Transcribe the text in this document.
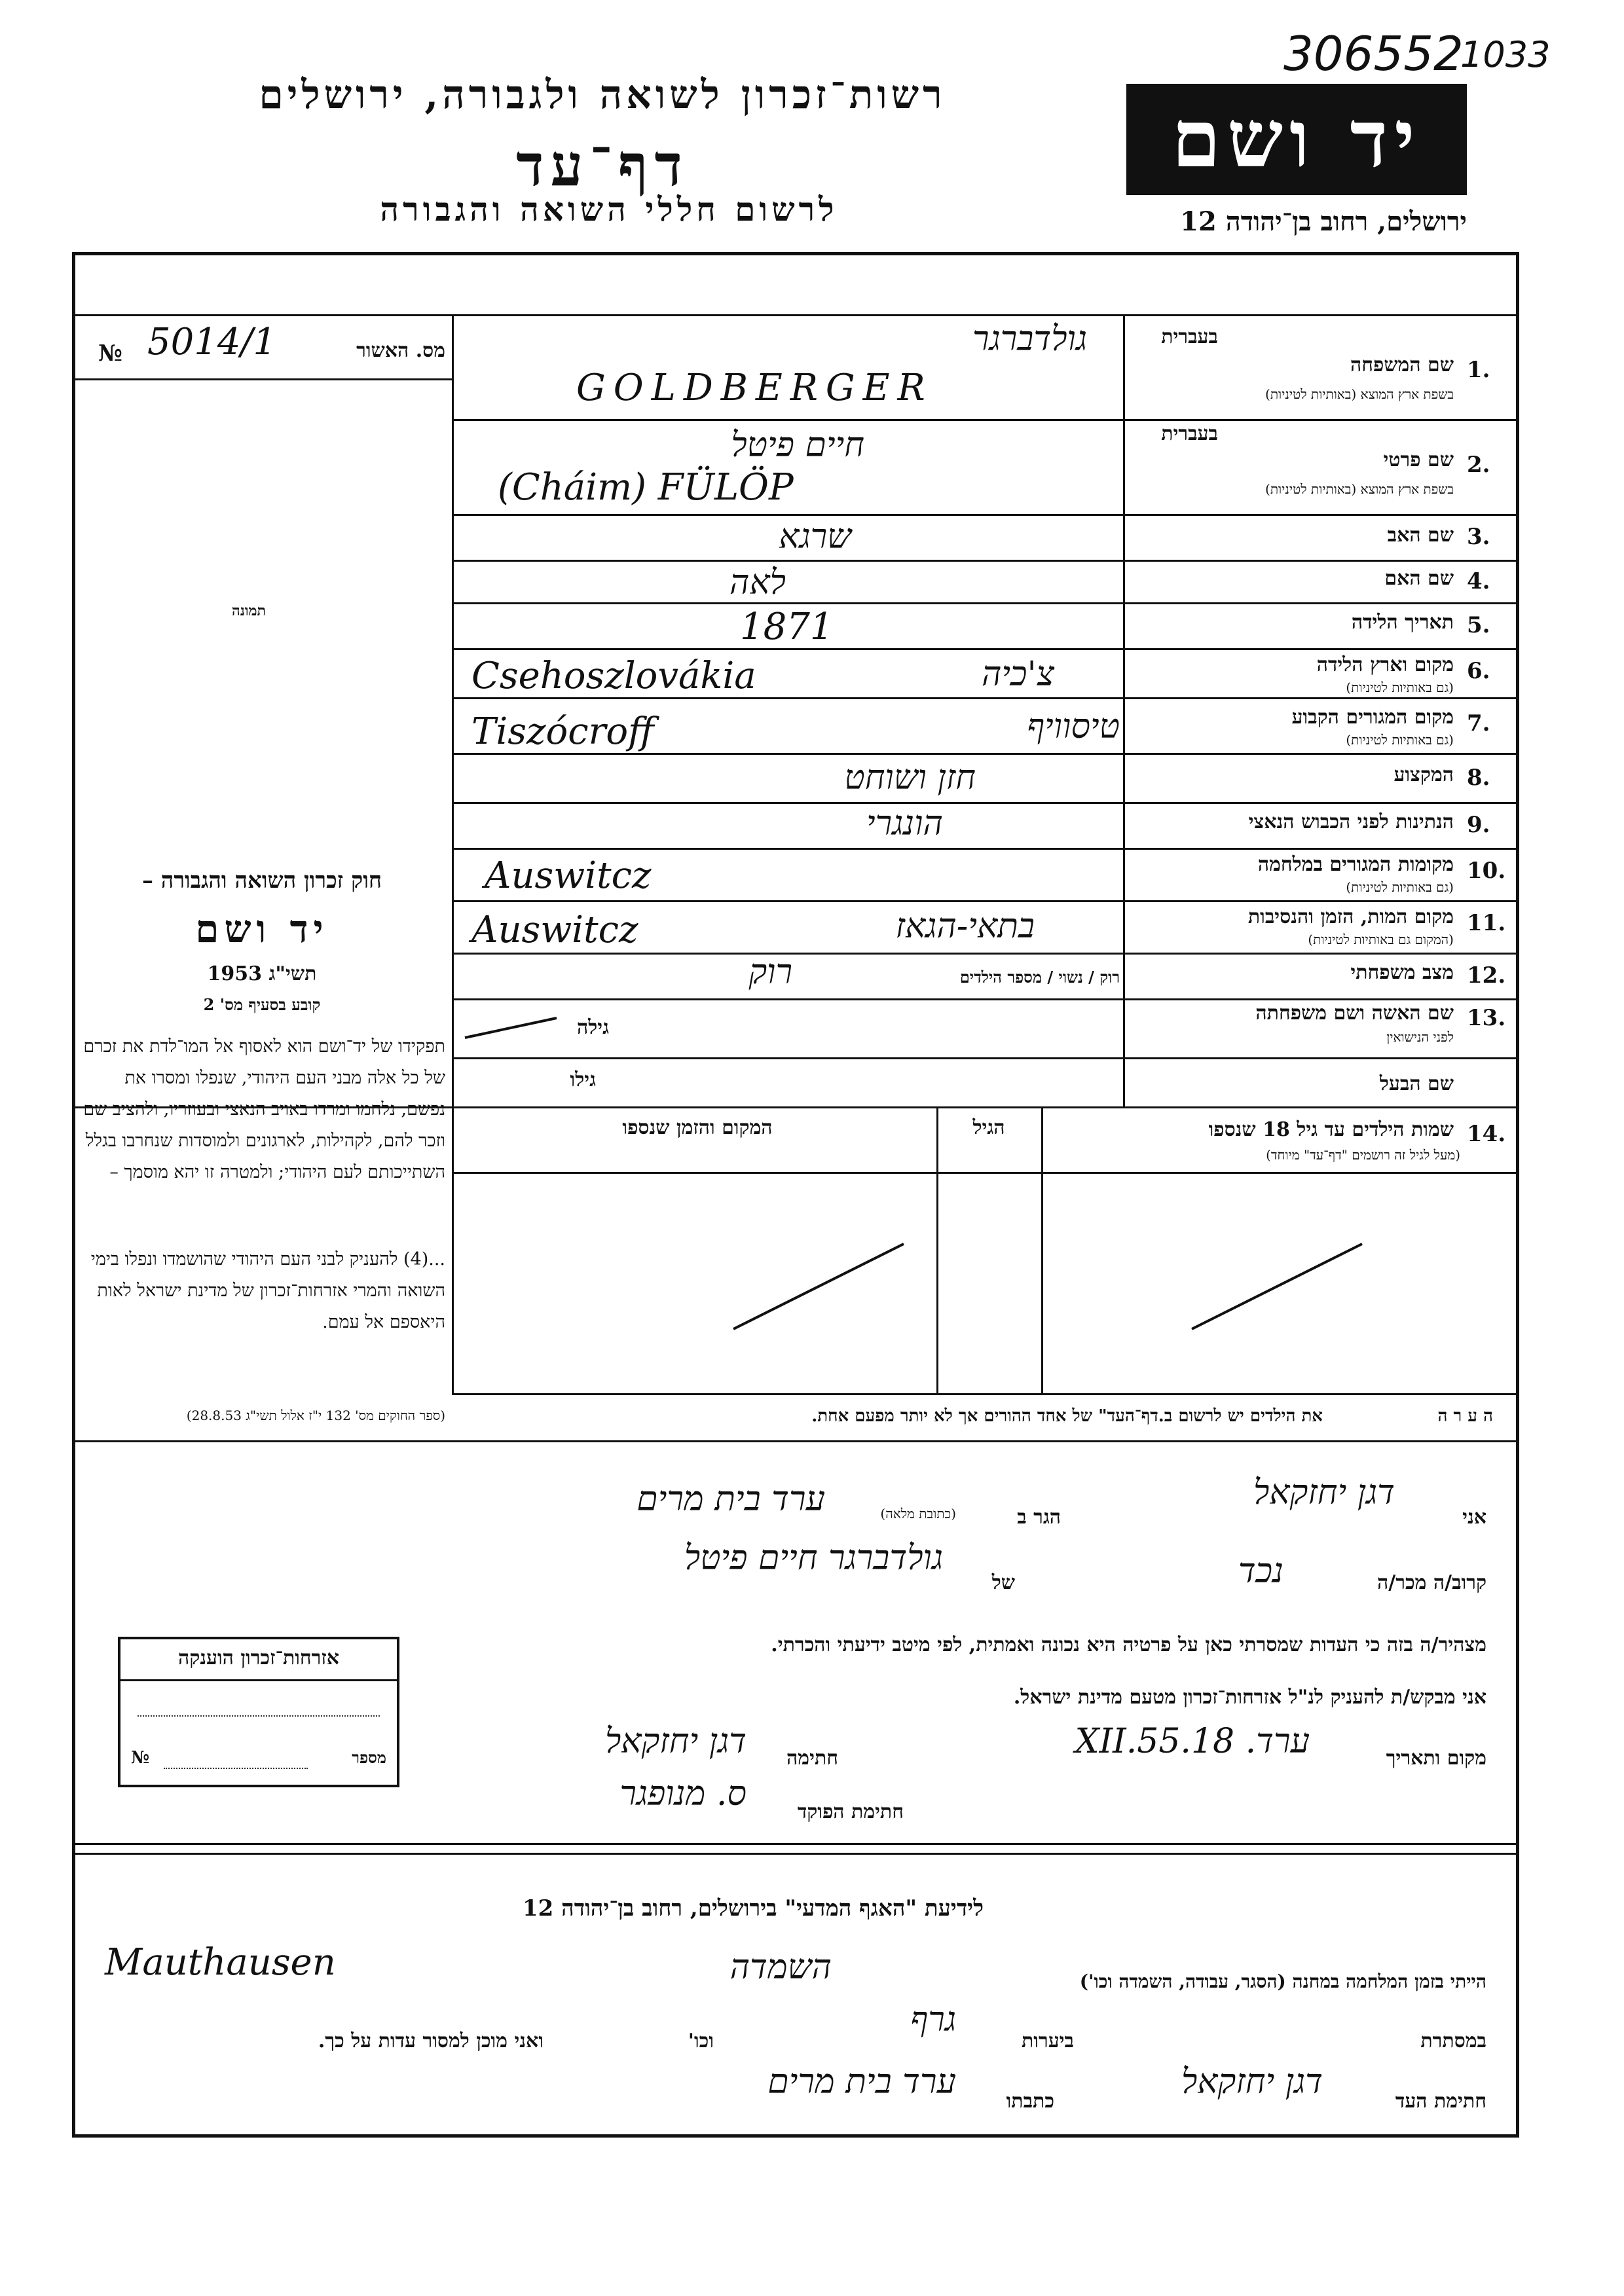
306552
1033
רשות־זכרון לשואה ולגבורה, ירושלים
דף־עד
לרשום חללי השואה והגבורה
יד ושם
ירושלים, רחוב בן־יהודה 12
מס. האשור
№ 5014/1
תמונה
בעברית
1.
שם המשפחה
בשפת ארץ המוצא (באותיות לטיניות)
גולדברגר
GOLDBERGER
בעברית
2.
שם פרטי
בשפת ארץ המוצא (באותיות לטיניות)
חיים פיטל
(Cháim) FÜLÖP
3.
שם האב
שרגא
4.
שם האם
לאה
5.
תאריך הלידה
1871
6.
מקום וארץ הלידה
(גם באותיות לטיניות)
צ'כיה
Csehoszlovákia
7.
מקום המגורים הקבוע
(גם באותיות לטיניות)
טיסוויף
Tiszócroff
8.
המקצוע
חזן ושוחט
9.
הנתינות לפני הכבוש הנאצי
הונגרי
10.
מקומות המגורים במלחמה
(גם באותיות לטיניות)
Auswitcz
11.
מקום המות, הזמן והנסיבות
(המקום גם באותיות לטיניות)
Auswitcz	בתאי-הגאז
12.
מצב משפחתי
רוק / נשוי / מספר הילדים
רוק
13.
שם האשה ושם משפחתה
לפני הנישואין
גילה
שם הבעל
גילו
חוק זכרון השואה והגבורה –
יד ושם
תשי"ג 1953
קובע בסעיף מס' 2
תפקידו של יד־ושם הוא לאסוף אל המו־לדת את זכרם של כל אלה מבני העם היהודי, שנפלו ומסרו את נפשם, נלחמו ומרדו באויב הנאצי ובעוזריו, ולהציב שם וזכר להם, לקהילות, לארגונים ולמוסדות שנחרבו בגלל השתייכותם לעם היהודי; ולמטרה זו יהא מוסמך –
...(4) להעניק לבני העם היהודי שהושמדו ונפלו בימי השואה והמרי אזרחות־זכרון של מדינת ישראל לאות היאספם אל עמם.
(ספר החוקים מס' 132 י"ז אלול תשי"ג 28.8.53)
14.
שמות הילדים עד גיל 18 שנספו
(מעל לגיל זה רושמים "דף־עד" מיוחד)
הגיל
המקום והזמן שנספו
ה ע ר ה
את הילדים יש לרשום ב.דף־העד" של אחד ההורים אך לא יותר מפעם אחת.
אני
דגן יחזקאל
הגר ב
(כתובת מלאה)
ערד בית מרים
קרוב/ה מכר/ה
נכד
של
גולדברגר חיים פיטל
מצהיר/ה בזה כי העדות שמסרתי כאן על פרטיה היא נכונה ואמתית, לפי מיטב ידיעתי והכרתי.
אני מבקש/ת להעניק לנ"ל אזרחות־זכרון מטעם מדינת ישראל.
מקום ותאריך
ערד. 18.XII.55
חתימה
דגן יחזקאל
חתימת הפוקד
ס. מנופגר
אזרחות־זכרון הוענקה
מספר
№
לידיעת "האגף המדעי" בירושלים, רחוב בן־יהודה 12
הייתי בזמן המלחמה במחנה (הסגר, עבודה, השמדה וכו')
השמדה
Mauthausen
במסתרת
ביערות
גרף
וכו'
ואני מוכן למסור עדות על כך.
חתימת העד
דגן יחזקאל
כתבתו
ערד בית מרים
